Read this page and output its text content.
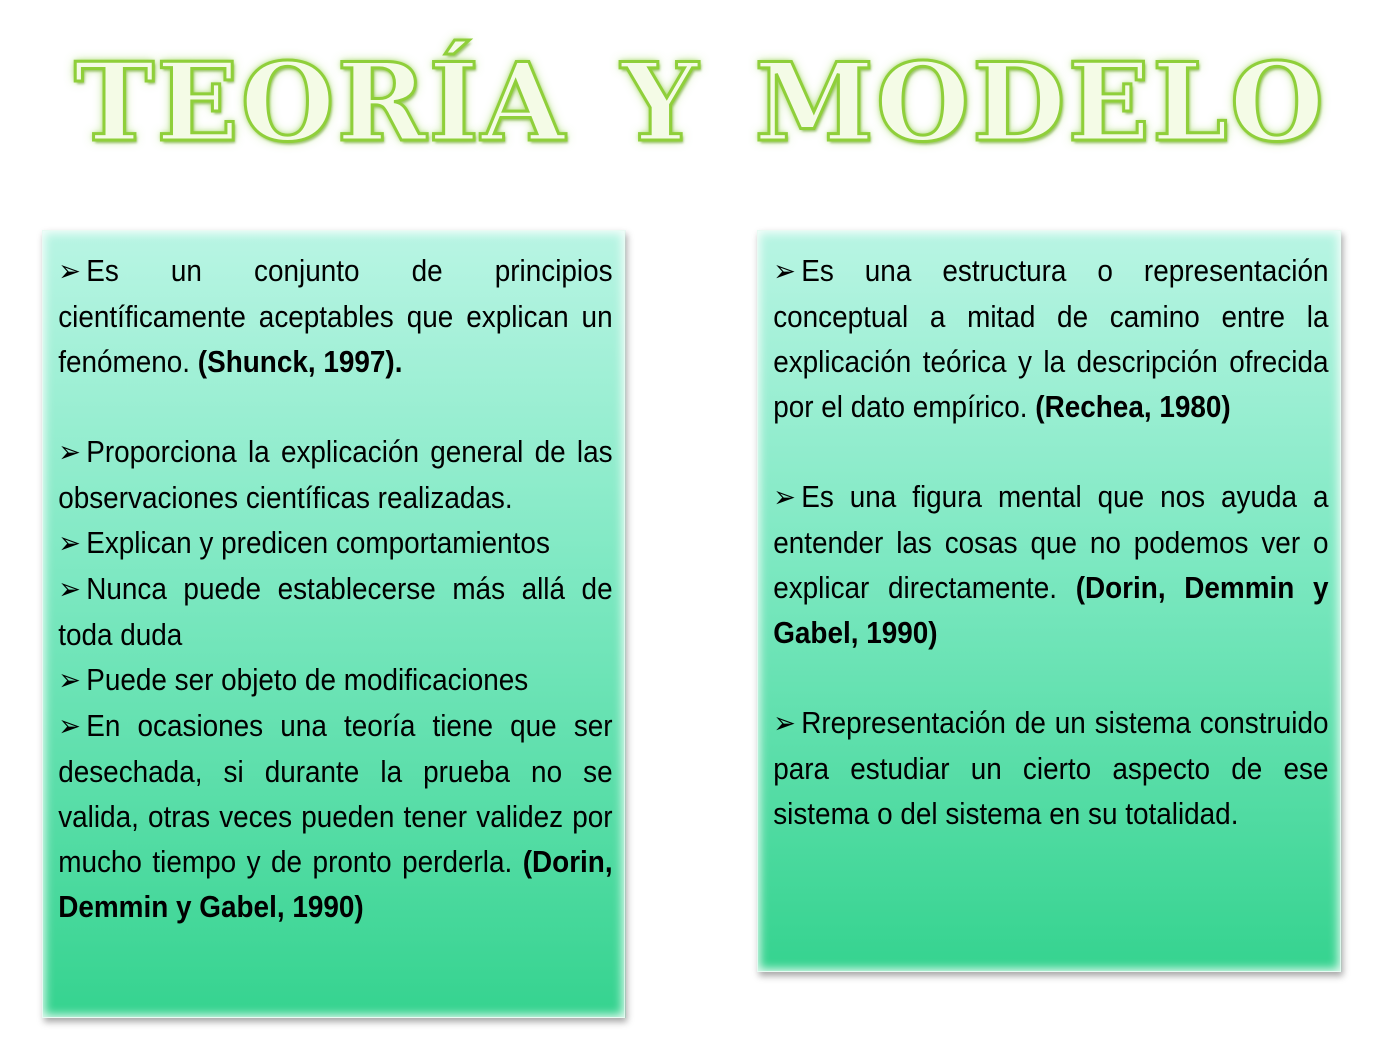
TEORÍA Y MODELO

➢ Es un conjunto de principios científicamente aceptables que explican un fenómeno. (Shunck, 1997).

➢ Proporciona la explicación general de las observaciones científicas realizadas.

➢ Explican y predicen comportamientos

➢ Nunca puede establecerse más allá de toda duda

➢ Puede ser objeto de modificaciones

➢ En ocasiones una teoría tiene que ser desechada, si durante la prueba no se valida, otras veces pueden tener validez por mucho tiempo y de pronto perderla. (Dorin, Demmin y Gabel, 1990)

➢ Es una estructura o representación conceptual a mitad de camino entre la explicación teórica y la descripción ofrecida por el dato empírico. (Rechea, 1980)

➢ Es una figura mental que nos ayuda a entender las cosas que no podemos ver o explicar directamente. (Dorin, Demmin y Gabel, 1990)

➢ Rrepresentación de un sistema construido para estudiar un cierto aspecto de ese sistema o del sistema en su totalidad.
